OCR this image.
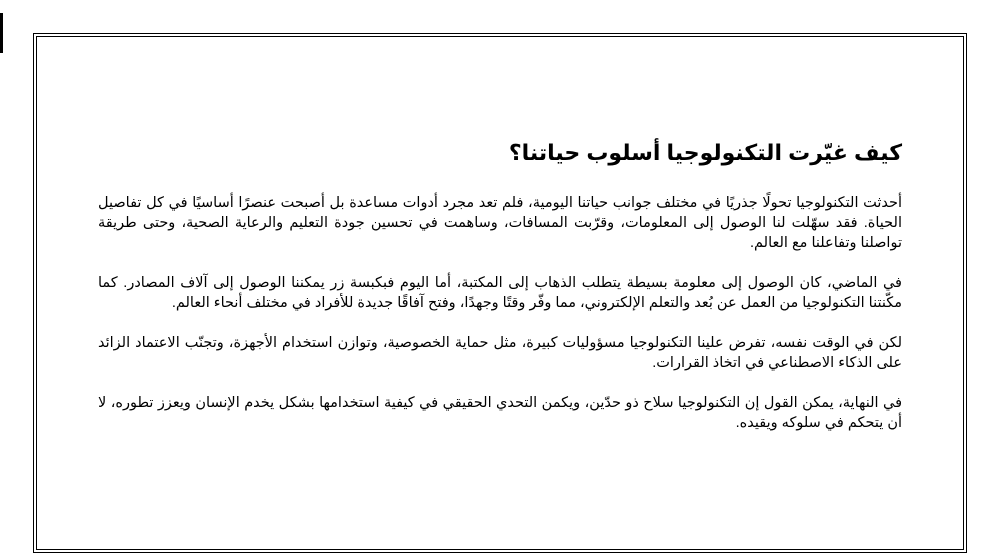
كيف غيّرت التكنولوجيا أسلوب حياتنا؟

أحدثت التكنولوجيا تحولًا جذريًا في مختلف جوانب حياتنا اليومية، فلم تعد مجرد أدوات مساعدة بل أصبحت عنصرًا أساسيًا في كل تفاصيل الحياة. فقد سهّلت لنا الوصول إلى المعلومات، وقرّبت المسافات، وساهمت في تحسين جودة التعليم والرعاية الصحية، وحتى طريقة تواصلنا وتفاعلنا مع العالم.

في الماضي، كان الوصول إلى معلومة بسيطة يتطلب الذهاب إلى المكتبة، أما اليوم فبكبسة زر يمكننا الوصول إلى آلاف المصادر. كما مكّنتنا التكنولوجيا من العمل عن بُعد والتعلم الإلكتروني، مما وفّر وقتًا وجهدًا، وفتح آفاقًا جديدة للأفراد في مختلف أنحاء العالم.

لكن في الوقت نفسه، تفرض علينا التكنولوجيا مسؤوليات كبيرة، مثل حماية الخصوصية، وتوازن استخدام الأجهزة، وتجنّب الاعتماد الزائد على الذكاء الاصطناعي في اتخاذ القرارات.

في النهاية، يمكن القول إن التكنولوجيا سلاح ذو حدّين، ويكمن التحدي الحقيقي في كيفية استخدامها بشكل يخدم الإنسان ويعزز تطوره، لا أن يتحكم في سلوكه ويقيده.
